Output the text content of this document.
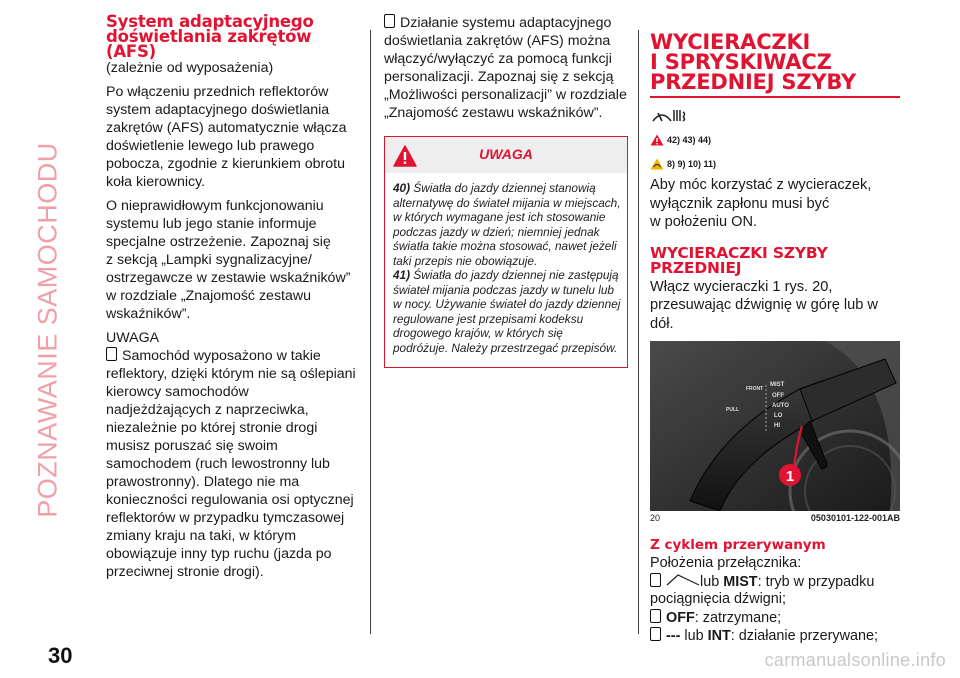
POZNAWANIE SAMOCHODU
30	carmanualsonline.info
System adaptacyjnego
doświetlania zakrętów
(AFS)

(zależnie od wyposażenia)

Po włączeniu przednich reflektorów
system adaptacyjnego doświetlania
zakrętów (AFS) automatycznie włącza
doświetlenie lewego lub prawego
pobocza, zgodnie z kierunkiem obrotu
koła kierownicy.

O nieprawidłowym funkcjonowaniu
systemu lub jego stanie informuje
specjalne ostrzeżenie. Zapoznaj się
z sekcją „Lampki sygnalizacyjne/
ostrzegawcze w zestawie wskaźników”
w rozdziale „Znajomość zestawu
wskaźników”.

UWAGA

Samochód wyposażono w takie
reflektory, dzięki którym nie są oślepiani
kierowcy samochodów
nadjeżdżających z naprzeciwka,
niezależnie po której stronie drogi
musisz poruszać się swoim
samochodem (ruch lewostronny lub
prawostronny). Dlatego nie ma
konieczności regulowania osi optycznej
reflektorów w przypadku tymczasowej
zmiany kraju na taki, w którym
obowiązuje inny typ ruchu (jazda po
przeciwnej stronie drogi).

Działanie systemu adaptacyjnego
doświetlania zakrętów (AFS) można
włączyć/wyłączyć za pomocą funkcji
personalizacji. Zapoznaj się z sekcją
„Możliwości personalizacji” w rozdziale
„Znajomość zestawu wskaźników”.

UWAGA
40) Światła do jazdy dziennej stanowią
alternatywę do świateł mijania w miejscach,
w których wymagane jest ich stosowanie
podczas jazdy w dzień; niemniej jednak
światła takie można stosować, nawet jeżeli
taki przepis nie obowiązuje.
41) Światła do jazdy dziennej nie zastępują
świateł mijania podczas jazdy w tunelu lub
w nocy. Używanie świateł do jazdy dziennej
regulowane jest przepisami kodeksu
drogowego krajów, w których się
podróżuje. Należy przestrzegać przepisów.
WYCIERACZKI
I SPRYSKIWACZ
PRZEDNIEJ SZYBY
42) 43) 44)
8) 9) 10) 11)

Aby móc korzystać z wycieraczek,
wyłącznik zapłonu musi być
w położeniu ON.

WYCIERACZKI SZYBY
PRZEDNIEJ

Włącz wycieraczki 1 rys. 20,
przesuwając dźwignię w górę lub w dół.

FRONT
MIST
OFF
AUTO
LO
HI
PULL
1
20	05030101-122-001AB
Z cyklem przerywanym

Położenia przełącznika:

lub MIST: tryb w przypadku
pociągnięcia dźwigni;

OFF: zatrzymane;

--- lub INT: działanie przerywane;
